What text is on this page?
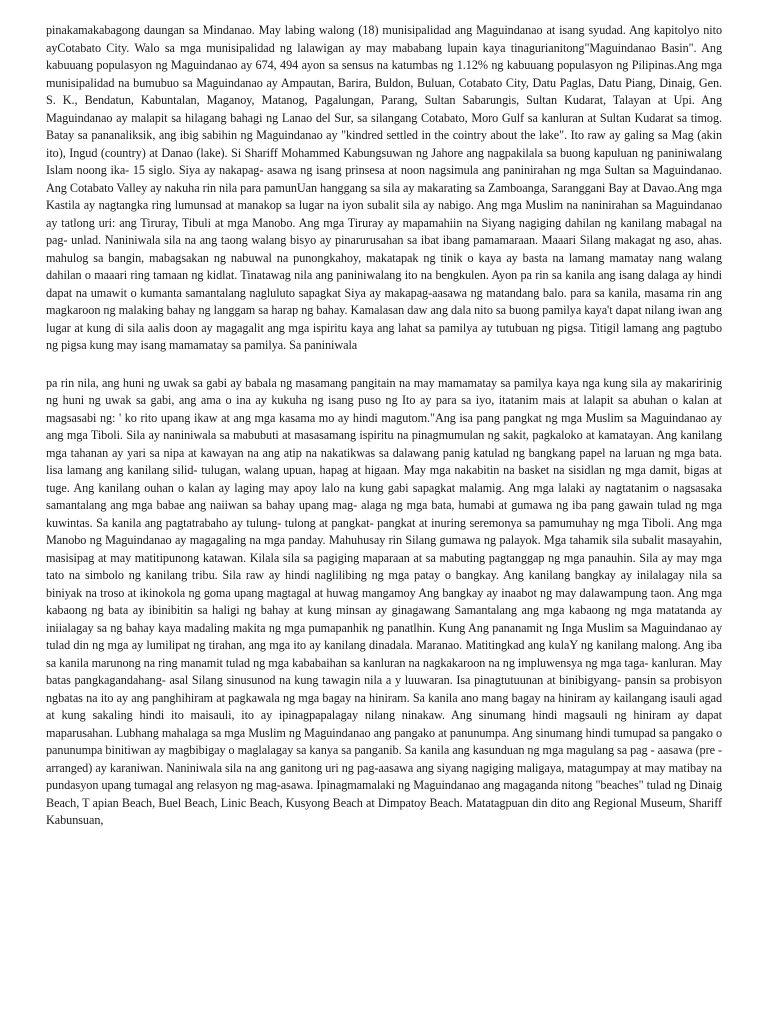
pinakamakabagong daungan sa Mindanao. May labing walong (18) munisipalidad ang Maguindanao at isang syudad. Ang kapitolyo nito ayCotabato City. Walo sa mga munisipalidad ng lalawigan ay may mababang lupain kaya tinagurianitong"Maguindanao Basin". Ang kabuuang populasyon ng Maguindanao ay 674, 494 ayon sa sensus na katumbas ng 1.12% ng kabuuang populasyon ng Pilipinas.Ang mga munisipalidad na bumubuo sa Maguindanao ay Ampautan, Barira, Buldon, Buluan, Cotabato City, Datu Paglas, Datu Piang, Dinaig, Gen. S. K., Bendatun, Kabuntalan, Maganoy, Matanog, Pagalungan, Parang, Sultan Sabarungis, Sultan Kudarat, Talayan at Upi. Ang Maguindanao ay malapit sa hilagang bahagi ng Lanao del Sur, sa silangang Cotabato, Moro Gulf sa kanluran at Sultan Kudarat sa timog. Batay sa pananaliksik, ang ibig sabihin ng Maguindanao ay "kindred settled in the cointry about the lake". Ito raw ay galing sa Mag (akin ito), Ingud (country) at Danao (lake). Si Shariff Mohammed Kabungsuwan ng Jahore ang nagpakilala sa buong kapuluan ng paniniwalang Islam noong ika- 15 siglo. Siya ay nakapag- asawa ng isang prinsesa at noon nagsimula ang paninirahan ng mga Sultan sa Maguindanao. Ang Cotabato Valley ay nakuha rin nila para pamunUan hanggang sa sila ay makarating sa Zamboanga, Saranggani Bay at Davao.Ang mga Kastila ay nagtangka ring lumunsad at manakop sa lugar na iyon subalit sila ay nabigo. Ang mga Muslim na naninirahan sa Maguindanao ay tatlong uri: ang Tiruray, Tibuli at mga Manobo. Ang mga Tiruray ay mapamahiin na Siyang nagiging dahilan ng kanilang mabagal na pag- unlad. Naniniwala sila na ang taong walang bisyo ay pinarurusahan sa ibat ibang pamamaraan. Maaari Silang makagat ng aso, ahas. mahulog sa bangin, mabagsakan ng nabuwal na punongkahoy, makatapak ng tinik o kaya ay basta na lamang mamatay nang walang dahilan o maaari ring tamaan ng kidlat. Tinatawag nila ang paniniwalang ito na bengkulen. Ayon pa rin sa kanila ang isang dalaga ay hindi dapat na umawit o kumanta samantalang nagluluto sapagkat Siya ay makapag-aasawa ng matandang balo. para sa kanila, masama rin ang magkaroon ng malaking bahay ng langgam sa harap ng bahay. Kamalasan daw ang dala nito sa buong pamilya kaya't dapat nilang iwan ang lugar at kung di sila aalis doon ay magagalit ang mga ispiritu kaya ang lahat sa pamilya ay tutubuan ng pigsa. Titigil lamang ang pagtubo ng pigsa kung may isang mamamatay sa pamilya. Sa paniniwala

pa rin nila, ang huni ng uwak sa gabi ay babala ng masamang pangitain na may mamamatay sa pamilya kaya nga kung sila ay makaririnig ng huni ng uwak sa gabi, ang ama o ina ay kukuha ng isang puso ng Ito ay para sa iyo, itatanim mais at lalapit sa abuhan o kalan at magsasabi ng: ' ko rito upang ikaw at ang mga kasama mo ay hindi magutom."Ang isa pang pangkat ng mga Muslim sa Maguindanao ay ang mga Tiboli. Sila ay naniniwala sa mabubuti at masasamang ispiritu na pinagmumulan ng sakit, pagkaloko at kamatayan. Ang kanilang mga tahanan ay yari sa nipa at kawayan na ang atip na nakatikwas sa dalawang panig katulad ng bangkang papel na laruan ng mga bata. lisa lamang ang kanilang silid- tulugan, walang upuan, hapag at higaan. May mga nakabitin na basket na sisidlan ng mga damit, bigas at tuge. Ang kanilang ouhan o kalan ay laging may apoy lalo na kung gabi sapagkat malamig. Ang mga lalaki ay nagtatanim o nagsasaka samantalang ang mga babae ang naiiwan sa bahay upang mag- alaga ng mga bata, humabi at gumawa ng iba pang gawain tulad ng mga kuwintas. Sa kanila ang pagtatrabaho ay tulung- tulong at pangkat- pangkat at inuring seremonya sa pamumuhay ng mga Tiboli. Ang mga Manobo ng Maguindanao ay magagaling na mga panday. Mahuhusay rin Silang gumawa ng palayok. Mga tahamik sila subalit masayahin, masisipag at may matitipunong katawan. Kilala sila sa pagiging maparaan at sa mabuting pagtanggap ng mga panauhin. Sila ay may mga tato na simbolo ng kanilang tribu. Sila raw ay hindi naglilibing ng mga patay o bangkay. Ang kanilang bangkay ay inilalagay nila sa biniyak na troso at ikinokola ng goma upang magtagal at huwag mangamoy Ang bangkay ay inaabot ng may dalawampung taon. Ang mga kabaong ng bata ay ibinibitin sa haligi ng bahay at kung minsan ay ginagawang Samantalang ang mga kabaong ng mga matatanda ay iniialagay sa ng bahay kaya madaling makita ng mga pumapanhik ng panatlhin. Kung Ang pananamit ng Inga Muslim sa Maguindanao ay tulad din ng mga ay lumilipat ng tirahan, ang mga ito ay kanilang dinadala. Maranao. Matitingkad ang kulaY ng kanilang malong. Ang iba sa kanila marunong na ring manamit tulad ng mga kababaihan sa kanluran na nagkakaroon na ng impluwensya ng mga taga- kanluran. May batas pangkagandahang- asal Silang sinusunod na kung tawagin nila a y luuwaran. Isa pinagtutuunan at binibigyang- pansin sa probisyon ngbatas na ito ay ang panghihiram at pagkawala ng mga bagay na hiniram. Sa kanila ano mang bagay na hiniram ay kailangang isauli agad at kung sakaling hindi ito maisauli, ito ay ipinagpapalagay nilang ninakaw. Ang sinumang hindi magsauli ng hiniram ay dapat maparusahan. Lubhang mahalaga sa mga Muslim ng Maguindanao ang pangako at panunumpa. Ang sinumang hindi tumupad sa pangako o panunumpa binitiwan ay magbibigay o maglalagay sa kanya sa panganib. Sa kanila ang kasunduan ng mga magulang sa pag - aasawa (pre -arranged) ay karaniwan. Naniniwala sila na ang ganitong uri ng pag-aasawa ang siyang nagiging maligaya, matagumpay at may matibay na pundasyon upang tumagal ang relasyon ng mag-asawa. Ipinagmamalaki ng Maguindanao ang magaganda nitong "beaches" tulad ng Dinaig Beach, T apian Beach, Buel Beach, Linic Beach, Kusyong Beach at Dimpatoy Beach. Matatagpuan din dito ang Regional Museum, Shariff Kabunsuan,
